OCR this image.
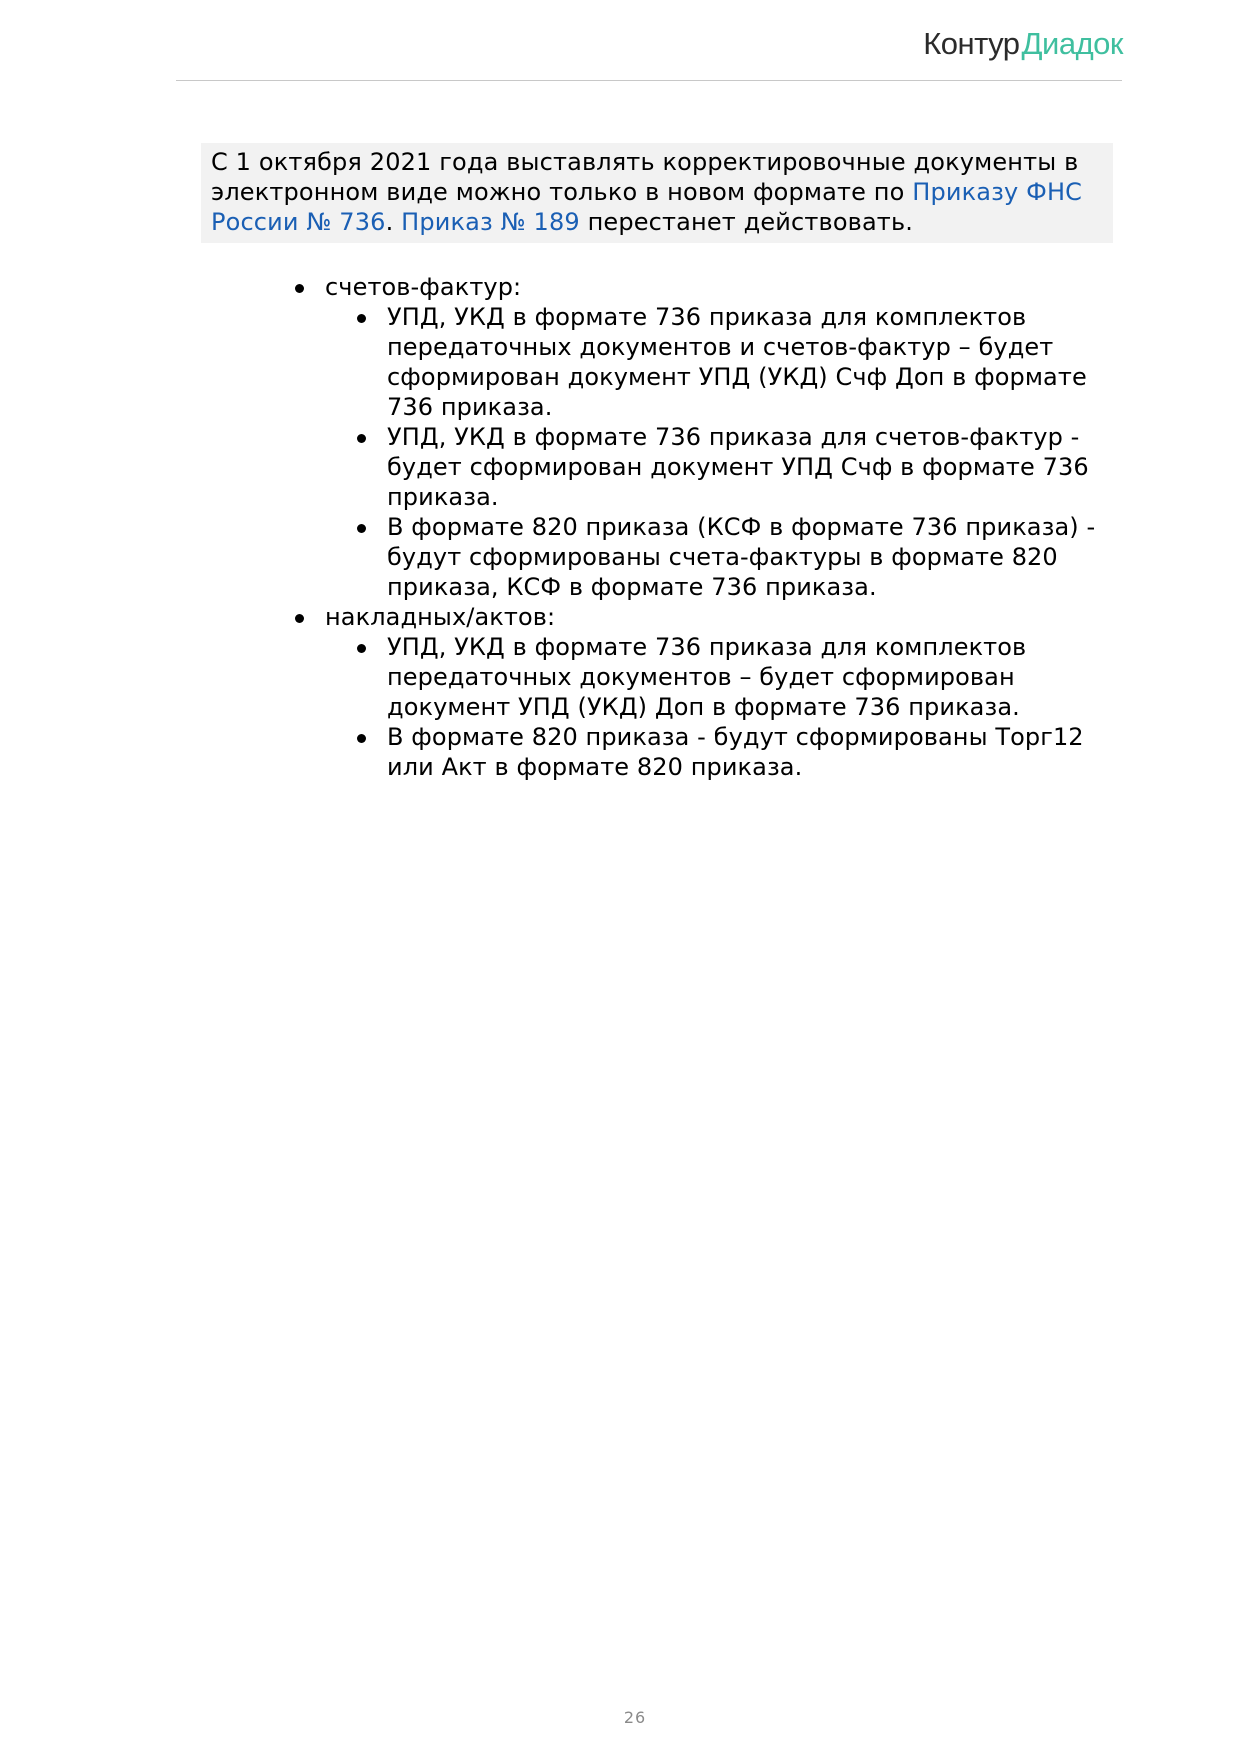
КонтурДиадок
С 1 октября 2021 года выставлять корректировочные документы в электронном виде можно только в новом формате по Приказу ФНС России № 736. Приказ № 189 перестанет действовать.
счетов-фактур:
УПД, УКД в формате 736 приказа для комплектов передаточных документов и счетов-фактур – будет сформирован документ УПД (УКД) Счф Доп в формате 736 приказа.
УПД, УКД в формате 736 приказа для счетов-фактур - будет сформирован документ УПД Счф в формате 736 приказа.
В формате 820 приказа (КСФ в формате 736 приказа) - будут сформированы счета-фактуры в формате 820 приказа, КСФ в формате 736 приказа.
накладных/актов:
УПД, УКД в формате 736 приказа для комплектов передаточных документов – будет сформирован документ УПД (УКД) Доп в формате 736 приказа.
В формате 820 приказа - будут сформированы Торг12 или Акт в формате 820 приказа.
26
